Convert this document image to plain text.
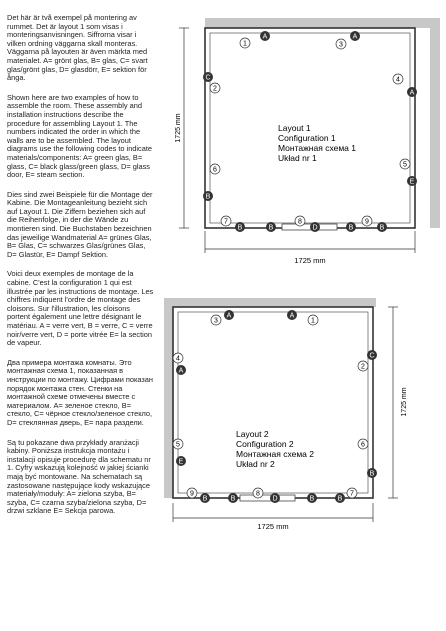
Det här är två exempel på montering av rummet. Det är layout 1 som visas i monteringsanvisningen. Siffrorna visar i vilken ordning väggarna skall monteras. Väggarna på layouten är även märkta med materialet. A= grönt glas, B= glas, C= svart glas/grönt glas, D= glasdörr, E= sektion för ånga.

Shown here are two examples of how to assemble the room. These assembly and installation instructions describe the procedure for assembling Layout 1. The numbers indicated the order in which the walls are to be assembled. The layout diagrams use the following codes to indicate materials/components: A= green glas, B= glass, C= black glass/green glass, D= glass door, E= steam section.

Dies sind zwei Beispiele für die Montage der Kabine. Die Montageanleitung bezieht sich auf Layout 1. Die Ziffern beziehen sich auf die Reihenfolge, in der die Wände zu montieren sind. Die Buchstaben bezeichnen das jeweilige Wandmaterial A= grünes Glas, B= Glas, C= schwarzes Glas/grünes Glas, D= Glastür, E= Dampf Sektion.

Voici deux exemples de montage de la cabine. C'est la configuration 1 qui est illustrée par les instructions de montage. Les chiffres indiquent l'ordre de montage des cloisons. Sur l'illustration, les cloisons portent également une lettre désignant le matériau. A = verre vert, B = verre, C = verre noir/verre vert, D = porte vitrée E= la section de vapeur.

Два примера монтажа комнаты. Это монтажная схема 1, показанная в инструкции по монтажу. Цифрами показан порядок монтажа стен. Стенки на монтажной схеме отмечены вместе с материалом. A= зеленое стекло, B= стекло, C= чёрное стекло/зеленое стекло, D= стеклянная дверь, E= пара раздели.

Są tu pokazane dwa przykłady aranżacji kabiny. Poniższa instrukcja montażu i instalacji opisuje procedurę dla schematu nr 1. Cyfry wskazują kolejność w jakiej ścianki mają być montowane. Na schematach są zastosowane następujące kody wskazujące materiały/moduły: A= zielona szyba, B= szyba, C= czarna szyba/zielona szyba, D= drzwi szklane E= Sekcja parowa.

1725 mm
1725 mm
Layout 1
Configuration 1
Монтажная схема 1
Układ nr 1
1
2
3
4
5
6
7	8	9
A	A
C
A
E
B
B	B	D	B	B
1725 mm
1725 mm
Layout 2
Configuration 2
Монтажная схема 2
Układ nr 2
1
2
3
4
5	6
7
8
9
A
A
C
A
E
B
B	B	D	B	B
